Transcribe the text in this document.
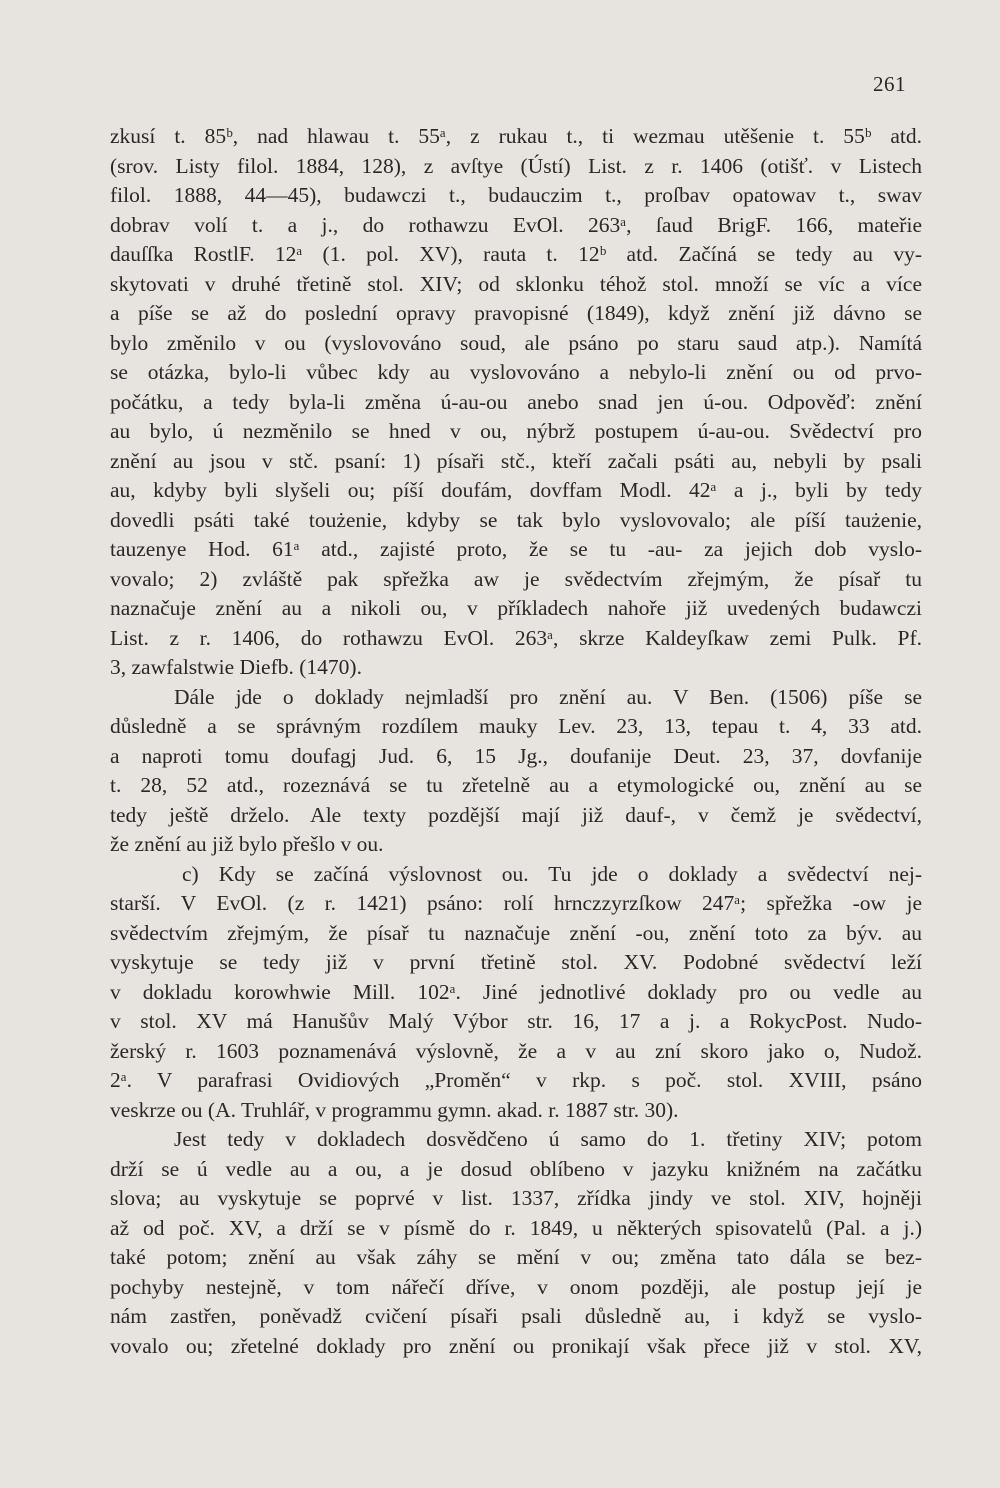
261
zkusí t. 85ᵇ, nad hlawau t. 55ᵃ, z rukau t., ti wezmau utěšenie t. 55ᵇ atd.
(srov. Listy filol. 1884, 128), z avſtye (Ústí) List. z r. 1406 (otišť. v Listech
filol. 1888, 44—45), budawczi t., budauczim t., proſbav opatowav t., swav
dobrav volí t. a j., do rothawzu EvOl. 263ᵃ, ſaud BrigF. 166, mateřie
dauſſka RostlF. 12ᵃ (1. pol. XV), rauta t. 12ᵇ atd. Začíná se tedy au vy-
skytovati v druhé třetině stol. XIV; od sklonku téhož stol. množí se víc a více
a píše se až do poslední opravy pravopisné (1849), když znění již dávno se
bylo změnilo v ou (vyslovováno soud, ale psáno po staru saud atp.). Namítá
se otázka, bylo-li vůbec kdy au vyslovováno a nebylo-li znění ou od prvo-
počátku, a tedy byla-li změna ú-au-ou anebo snad jen ú-ou. Odpověď: znění
au bylo, ú nezměnilo se hned v ou, nýbrž postupem ú-au-ou. Svědectví pro
znění au jsou v stč. psaní: 1) písaři stč., kteří začali psáti au, nebyli by psali
au, kdyby byli slyšeli ou; píší doufám, dovffam Modl. 42ᵃ a j., byli by tedy
dovedli psáti také toużenie, kdyby se tak bylo vyslovovalo; ale píší taużenie,
tauzenye Hod. 61ᵃ atd., zajisté proto, že se tu -au- za jejich dob vyslo-
vovalo; 2) zvláště pak spřežka aw je svědectvím zřejmým, že písař tu
naznačuje znění au a nikoli ou, v příkladech nahoře již uvedených budawczi
List. z r. 1406, do rothawzu EvOl. 263ᵃ, skrze Kaldeyſkaw zemi Pulk. Pf.
3, zawfalstwie Diefb. (1470).
Dále jde o doklady nejmladší pro znění au. V Ben. (1506) píše se
důsledně a se správným rozdílem mauky Lev. 23, 13, tepau t. 4, 33 atd.
a naproti tomu doufagj Jud. 6, 15 Jg., doufanije Deut. 23, 37, dovfanije
t. 28, 52 atd., rozeznává se tu zřetelně au a etymologické ou, znění au se
tedy ještě drželo. Ale texty pozdější mají již dauf-, v čemž je svědectví,
že znění au již bylo přešlo v ou.
c) Kdy se začíná výslovnost ou. Tu jde o doklady a svědectví nej-
starší. V EvOl. (z r. 1421) psáno: rolí hrnczzyrzſkow 247ᵃ; spřežka -ow je
svědectvím zřejmým, že písař tu naznačuje znění -ou, znění toto za býv. au
vyskytuje se tedy již v první třetině stol. XV. Podobné svědectví leží
v dokladu korowhwie Mill. 102ᵃ. Jiné jednotlivé doklady pro ou vedle au
v stol. XV má Hanušův Malý Výbor str. 16, 17 a j. a RokycPost. Nudo-
žerský r. 1603 poznamenává výslovně, že a v au zní skoro jako o, Nudož.
2ᵃ. V parafrasi Ovidiových „Proměn“ v rkp. s poč. stol. XVIII, psáno
veskrze ou (A. Truhlář, v programmu gymn. akad. r. 1887 str. 30).
Jest tedy v dokladech dosvědčeno ú samo do 1. třetiny XIV; potom
drží se ú vedle au a ou, a je dosud oblíbeno v jazyku knižném na začátku
slova; au vyskytuje se poprvé v list. 1337, zřídka jindy ve stol. XIV, hojněji
až od poč. XV, a drží se v písmě do r. 1849, u některých spisovatelů (Pal. a j.)
také potom; znění au však záhy se mění v ou; změna tato dála se bez-
pochyby nestejně, v tom nářečí dříve, v onom později, ale postup její je
nám zastřen, poněvadž cvičení písaři psali důsledně au, i když se vyslo-
vovalo ou; zřetelné doklady pro znění ou pronikají však přece již v stol. XV,
